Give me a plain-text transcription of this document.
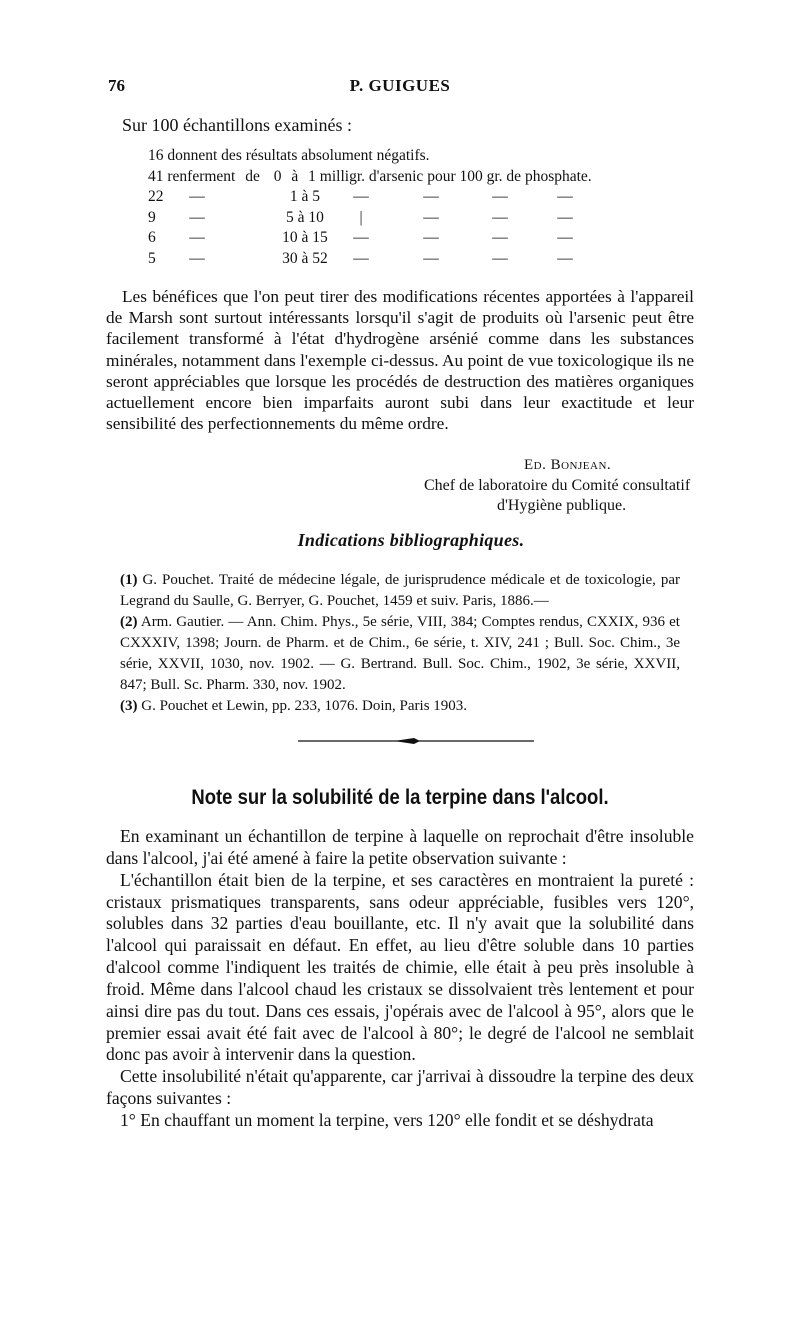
76	P. GUIGUES
Sur 100 échantillons examinés :
16 donnent des résultats absolument négatifs.							
41 renferment de 0 à 1 milligr. d'arsenic pour 100 gr. de phosphate.							
22	—		1 à 5	—	—	—	—
9	—		5 à 10	|	—	—	—
6	—		10 à 15	—	—	—	—
5	—		30 à 52	—	—	—	—
Les bénéfices que l'on peut tirer des modifications récentes apportées à l'appareil de Marsh sont surtout intéressants lorsqu'il s'agit de produits où l'arsenic peut être facilement transformé à l'état d'hydrogène arsénié comme dans les substances minérales, notamment dans l'exemple ci-dessus. Au point de vue toxicologique ils ne seront appréciables que lorsque les procédés de destruction des matières organiques actuellement encore bien imparfaits auront subi dans leur exactitude et leur sensibilité des perfectionnements du même ordre.
Ed. Bonjean.
Chef de laboratoire du Comité consultatif
d'Hygiène publique.
Indications bibliographiques.

(1) G. Pouchet. Traité de médecine légale, de jurisprudence médicale et de toxicologie, par Legrand du Saulle, G. Berryer, G. Pouchet, 1459 et suiv. Paris, 1886.—

(2) Arm. Gautier. — Ann. Chim. Phys., 5e série, VIII, 384; Comptes rendus, CXXIX, 936 et CXXXIV, 1398; Journ. de Pharm. et de Chim., 6e série, t. XIV, 241 ; Bull. Soc. Chim., 3e série, XXVII, 1030, nov. 1902. — G. Bertrand. Bull. Soc. Chim., 1902, 3e série, XXVII, 847; Bull. Sc. Pharm. 330, nov. 1902.

(3) G. Pouchet et Lewin, pp. 233, 1076. Doin, Paris 1903.

Note sur la solubilité de la terpine dans l'alcool.

En examinant un échantillon de terpine à laquelle on reprochait d'être insoluble dans l'alcool, j'ai été amené à faire la petite observation suivante :

L'échantillon était bien de la terpine, et ses caractères en montraient la pureté : cristaux prismatiques transparents, sans odeur appréciable, fusibles vers 120°, solubles dans 32 parties d'eau bouillante, etc. Il n'y avait que la solubilité dans l'alcool qui paraissait en défaut. En effet, au lieu d'être soluble dans 10 parties d'alcool comme l'indiquent les traités de chimie, elle était à peu près insoluble à froid. Même dans l'alcool chaud les cristaux se dissolvaient très lentement et pour ainsi dire pas du tout. Dans ces essais, j'opérais avec de l'alcool à 95°, alors que le premier essai avait été fait avec de l'alcool à 80°; le degré de l'alcool ne semblait donc pas avoir à intervenir dans la question.

Cette insolubilité n'était qu'apparente, car j'arrivai à dissoudre la terpine des deux façons suivantes :

1° En chauffant un moment la terpine, vers 120° elle fondit et se déshydrata
